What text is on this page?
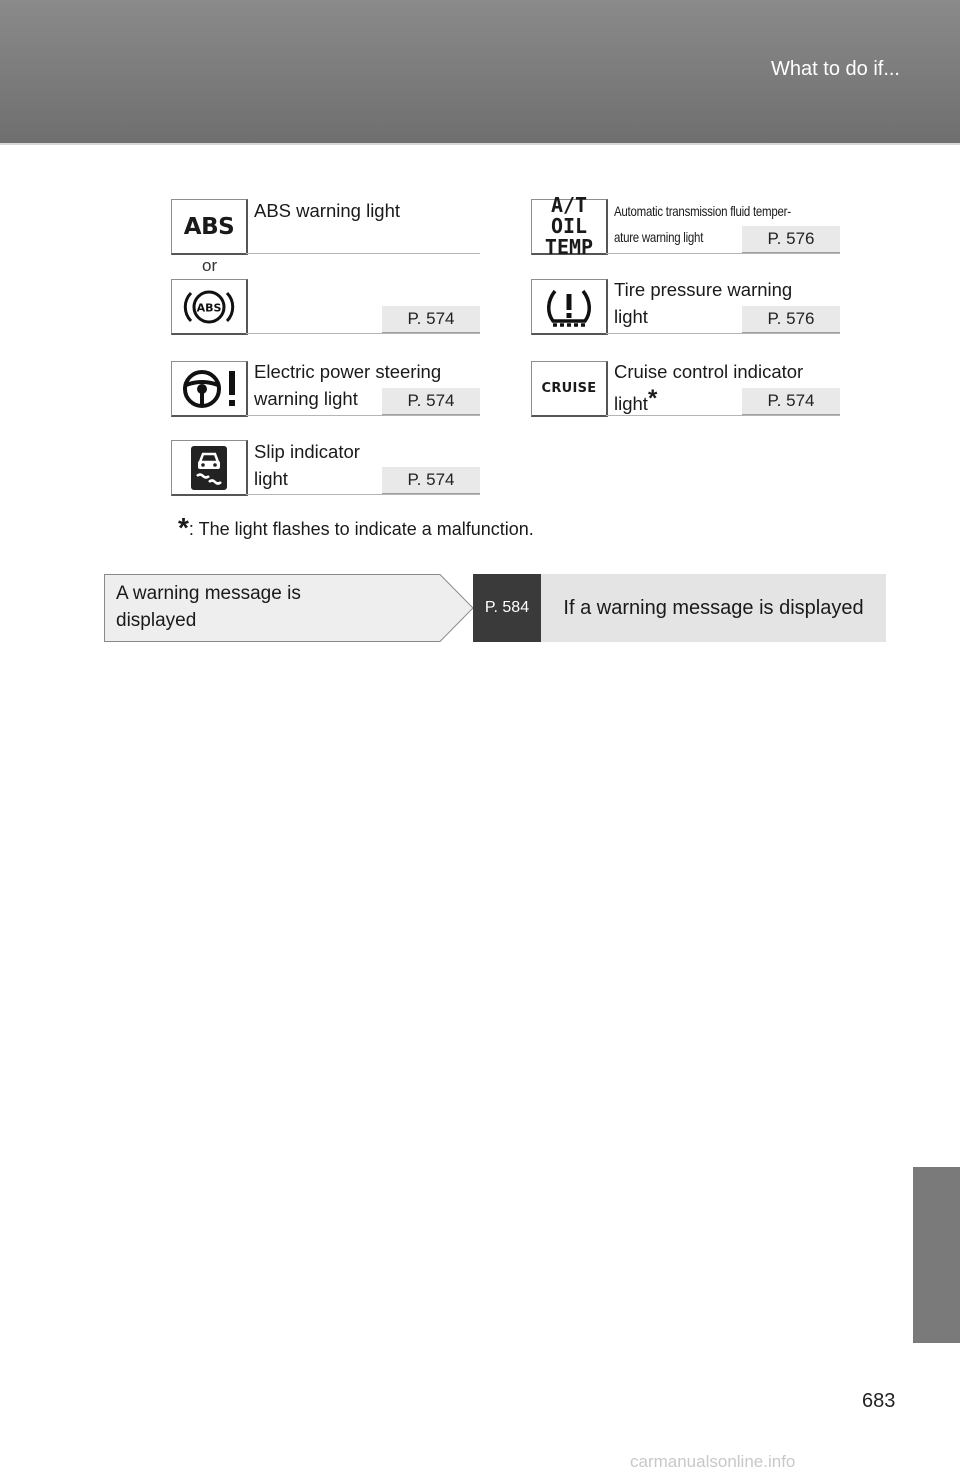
What to do if...
ABS
ABS warning light
or
ABS
P. 574
A/T OIL
TEMP
Automatic transmission fluid temper-
ature warning light	P. 576
Tire pressure warning
light	P. 576
Electric power steering
warning light	P. 574
CRUISE
Cruise control indicator
light*	P. 574
Slip indicator
light	P. 574
*: The light flashes to indicate a malfunction.
A warning message is
displayed
P. 584	If a warning message is displayed
683
carmanualsonline.info
